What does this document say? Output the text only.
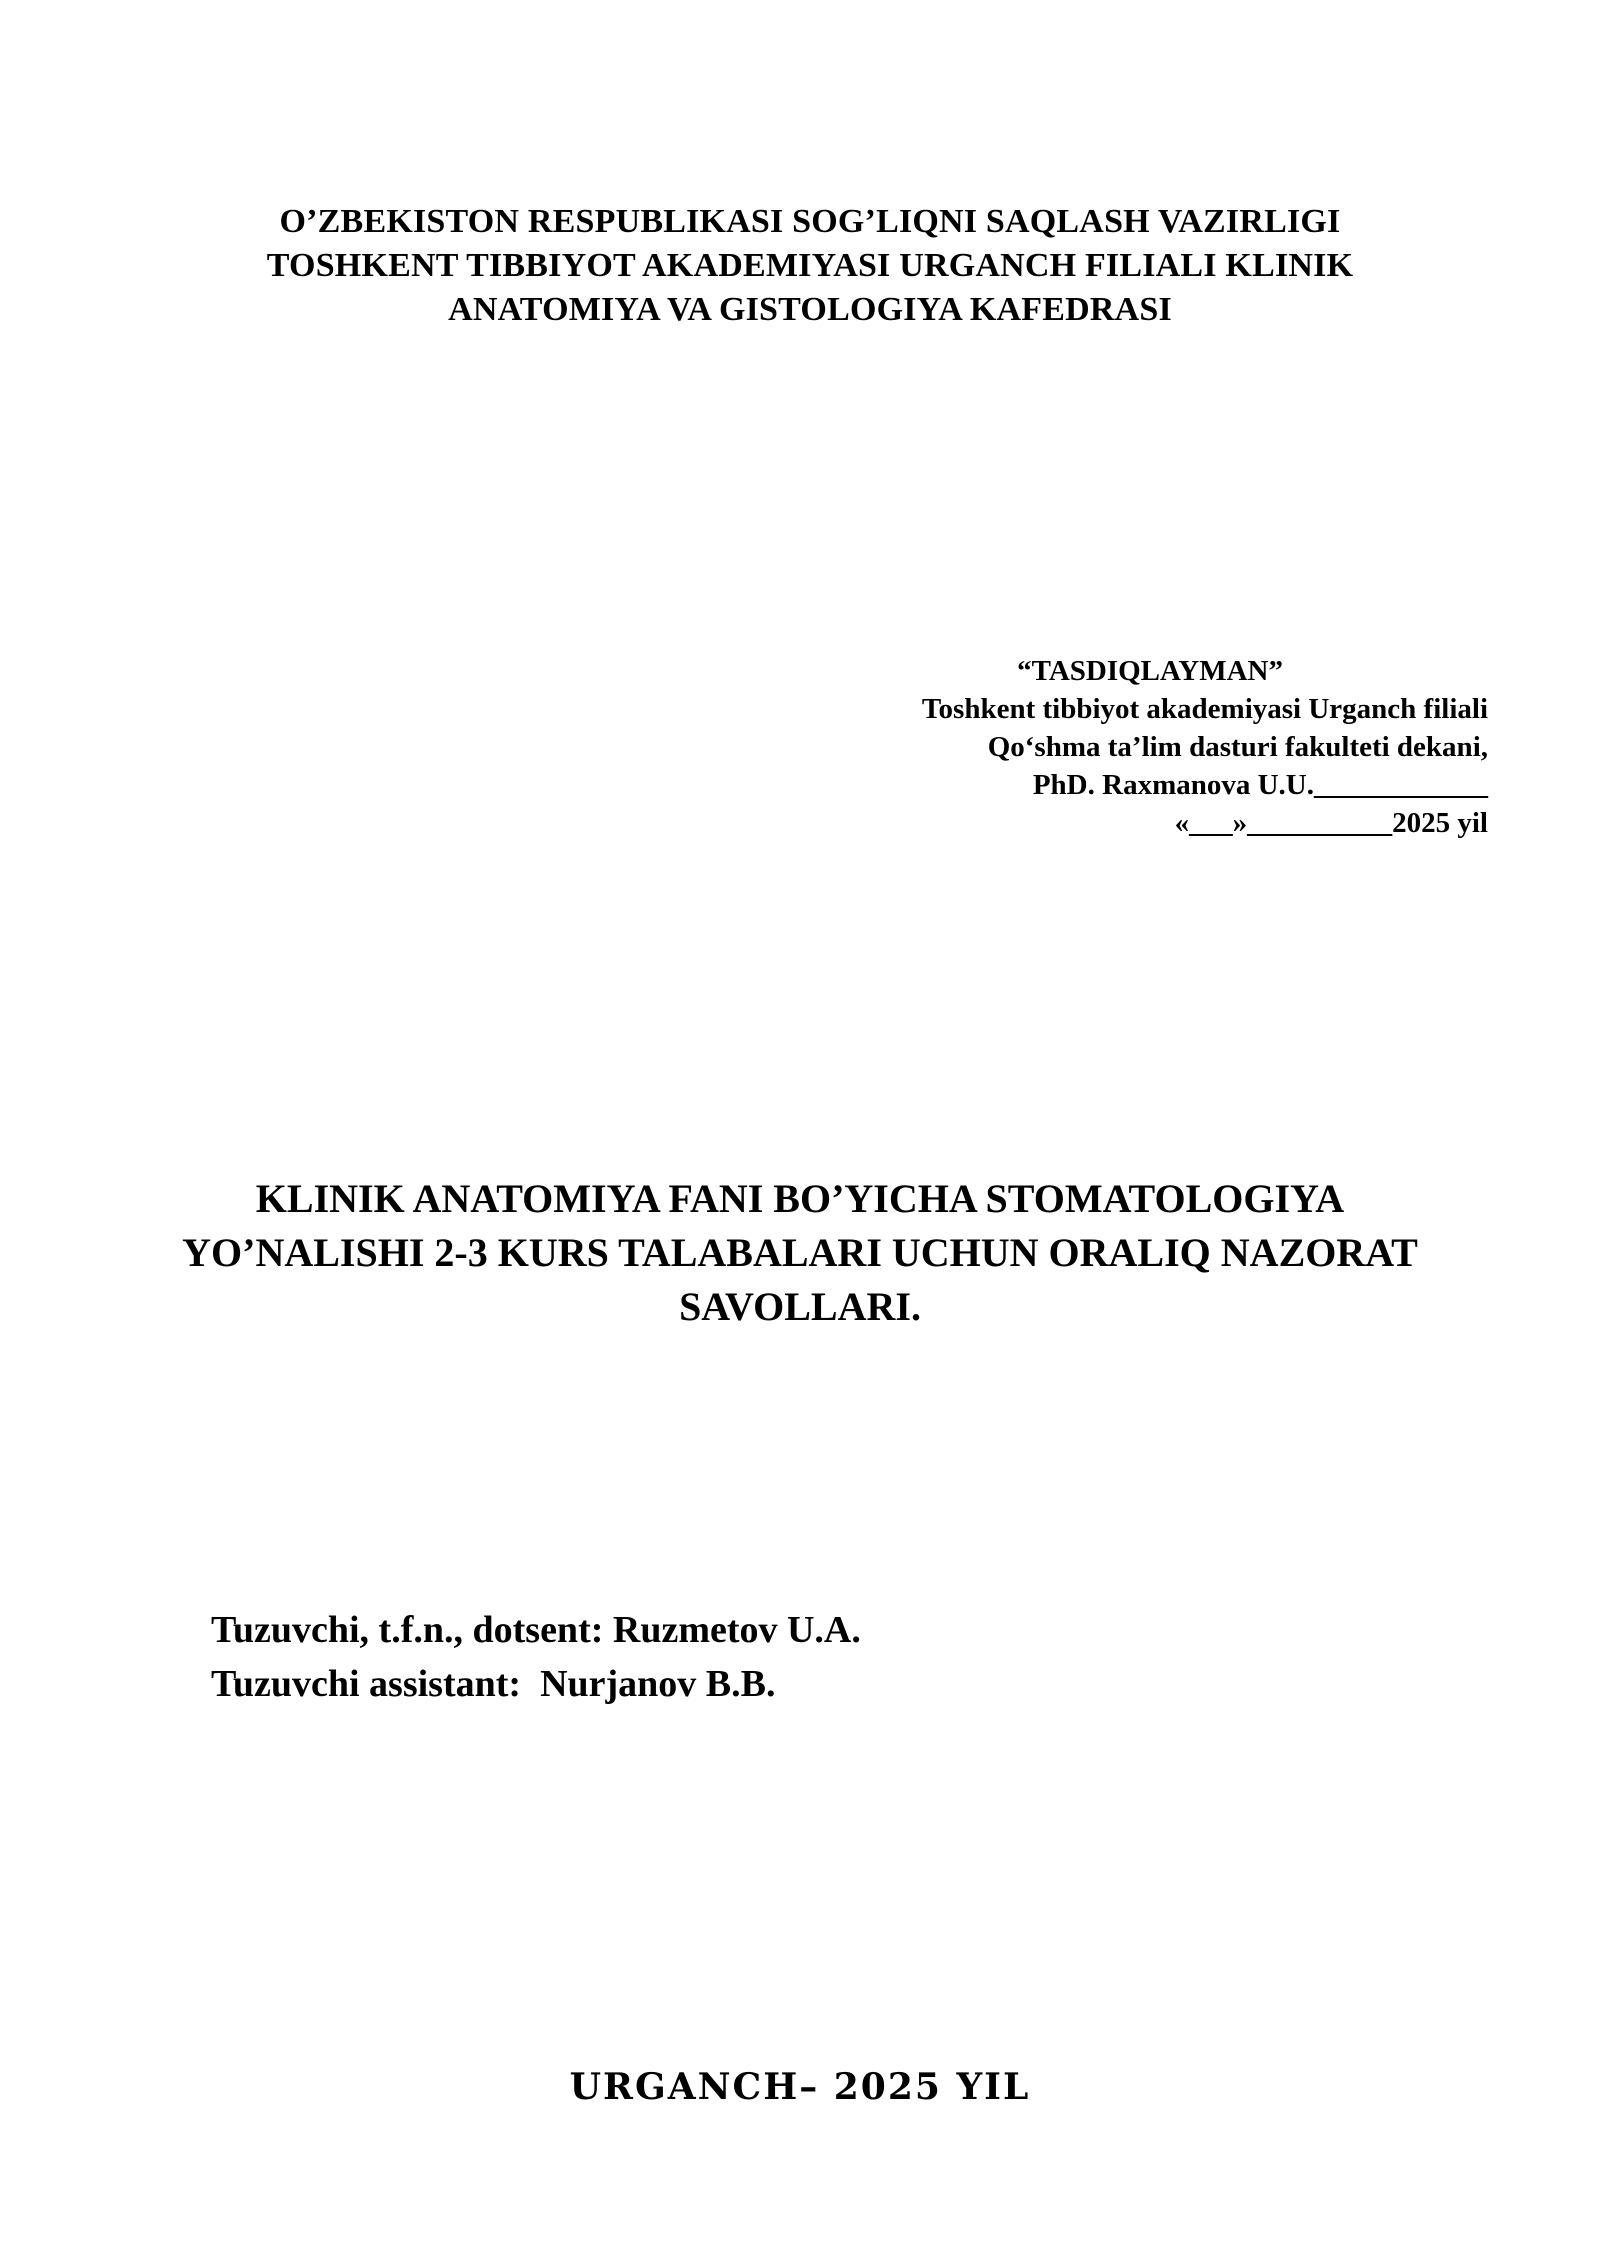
O’ZBEKISTON RESPUBLIKASI SOG’LIQNI SAQLASH VAZIRLIGI
TOSHKENT TIBBIYOT AKADEMIYASI URGANCH FILIALI KLINIK
ANATOMIYA VA GISTOLOGIYA KAFEDRASI
“TASDIQLAYMAN”
Toshkent tibbiyot akademiyasi Urganch filiali
Qo‘shma ta’lim dasturi fakulteti dekani,
PhD. Raxmanova U.U.____________
«___»__________2025 yil
KLINIK ANATOMIYA FANI BO’YICHA STOMATOLOGIYA
YO’NALISHI 2-3 KURS TALABALARI UCHUN ORALIQ NAZORAT
SAVOLLARI.
Tuzuvchi, t.f.n., dotsent: Ruzmetov U.A.
Tuzuvchi assistant:  Nurjanov B.B.
URGANCH– 2025 YIL
